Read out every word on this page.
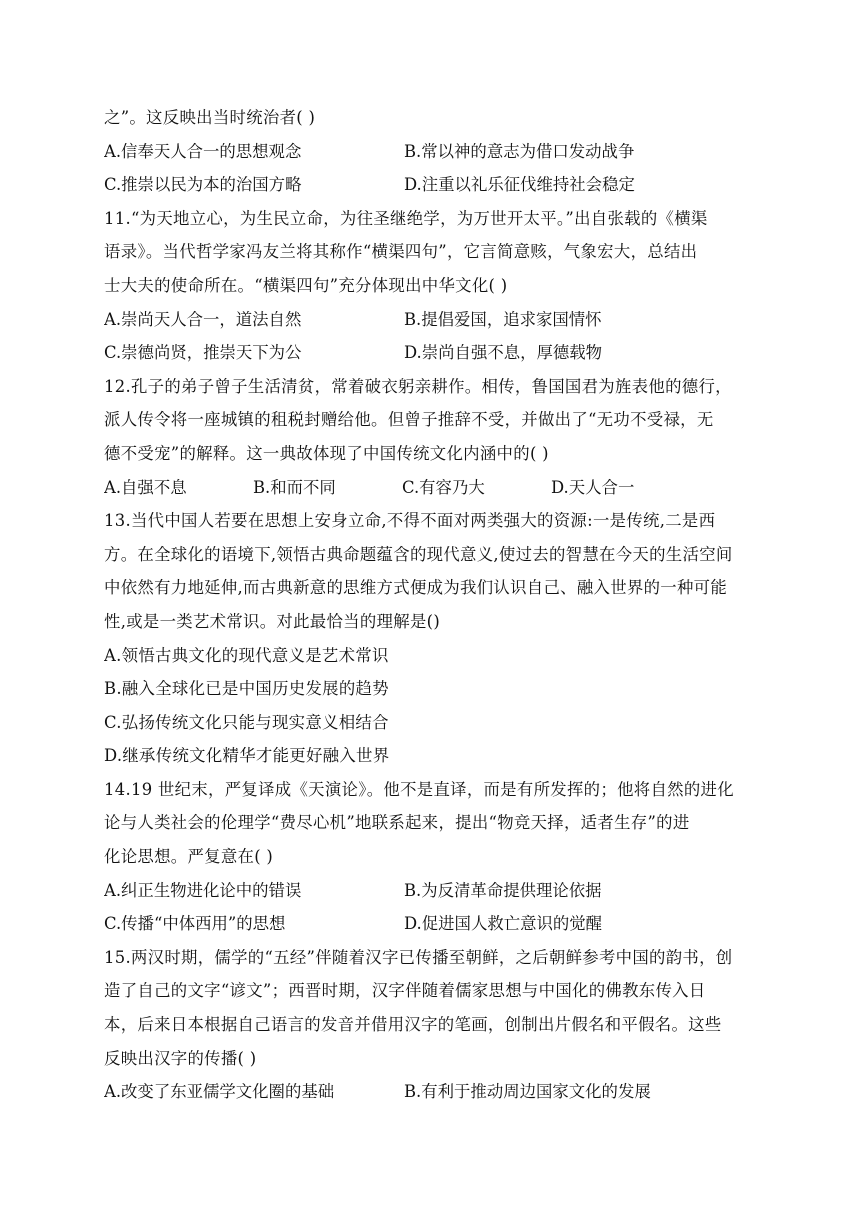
之”。这反映出当时统治者( )
A.信奉天人合一的思想观念	B.常以神的意志为借口发动战争
C.推崇以民为本的治国方略	D.注重以礼乐征伐维持社会稳定
11.“为天地立心，为生民立命，为往圣继绝学，为万世开太平。”出自张载的《横渠
语录》。当代哲学家冯友兰将其称作“横渠四句”，它言简意赅，气象宏大，总结出
士大夫的使命所在。“横渠四句”充分体现出中华文化( )
A.崇尚天人合一，道法自然	B.提倡爱国，追求家国情怀
C.崇德尚贤，推崇天下为公	D.崇尚自强不息，厚德载物
12.孔子的弟子曾子生活清贫，常着破衣躬亲耕作。相传，鲁国国君为旌表他的德行，
派人传令将一座城镇的租税封赠给他。但曾子推辞不受，并做出了“无功不受禄，无
德不受宠”的解释。这一典故体现了中国传统文化内涵中的( )
A.自强不息	B.和而不同	C.有容乃大	D.天人合一
13.当代中国人若要在思想上安身立命,不得不面对两类强大的资源:一是传统,二是西
方。在全球化的语境下,领悟古典命题蕴含的现代意义,使过去的智慧在今天的生活空间
中依然有力地延伸,而古典新意的思维方式便成为我们认识自己、融入世界的一种可能
性,或是一类艺术常识。对此最恰当的理解是()
A.领悟古典文化的现代意义是艺术常识
B.融入全球化已是中国历史发展的趋势
C.弘扬传统文化只能与现实意义相结合
D.继承传统文化精华才能更好融入世界
14.19 世纪末，严复译成《天演论》。他不是直译，而是有所发挥的；他将自然的进化
论与人类社会的伦理学“费尽心机”地联系起来，提出“物竞天择，适者生存”的进
化论思想。严复意在( )
A.纠正生物进化论中的错误	B.为反清革命提供理论依据
C.传播“中体西用”的思想	D.促进国人救亡意识的觉醒
15.两汉时期，儒学的“五经”伴随着汉字已传播至朝鲜，之后朝鲜参考中国的韵书，创
造了自己的文字“谚文”；西晋时期，汉字伴随着儒家思想与中国化的佛教东传入日
本，后来日本根据自己语言的发音并借用汉字的笔画，创制出片假名和平假名。这些
反映出汉字的传播( )
A.改变了东亚儒学文化圈的基础	B.有利于推动周边国家文化的发展
